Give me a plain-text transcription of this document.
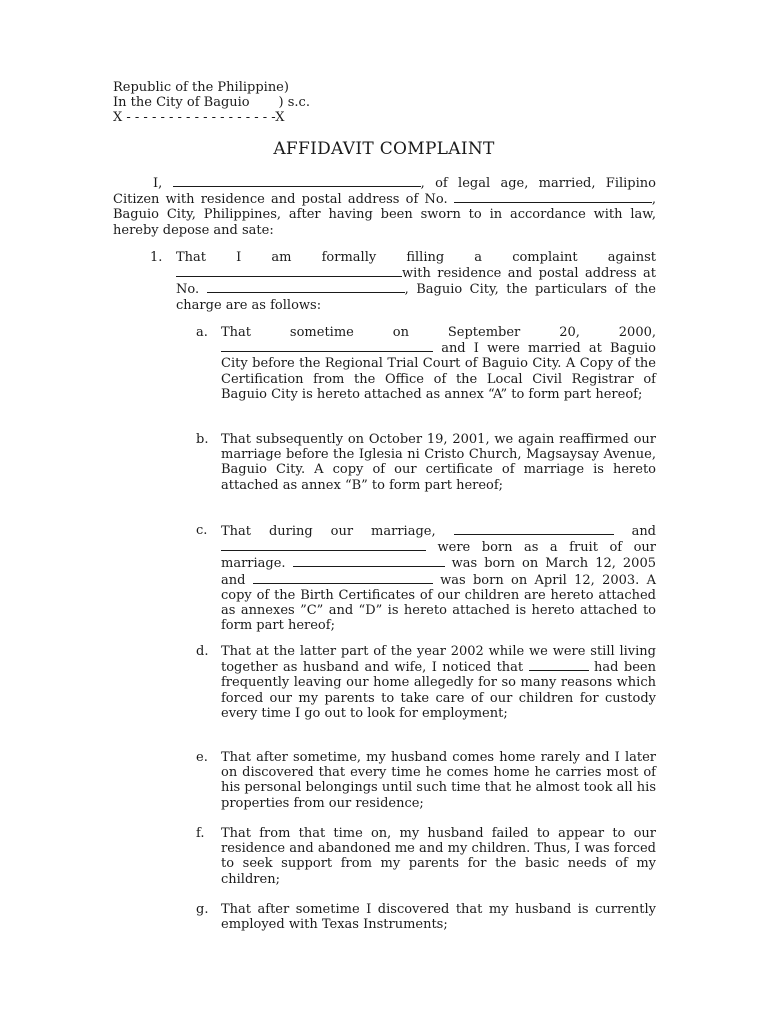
Republic of the Philippine)
In the City of Baguio       ) s.c.
X - - - - - - - - - - - - - - - - - -X
AFFIDAVIT COMPLAINT
I,	, of legal age, married, Filipino Citizen with residence and postal address of No.	, Baguio City, Philippines, after having been sworn to in accordance with law, hereby depose and sate:
1.	That I am formally filling a complaint against with residence and postal address at No.	, Baguio City, the particulars of the charge are as follows:
a.	That sometime on September 20, 2000,  and I were married at Baguio City before the Regional Trial Court of Baguio City. A Copy of the Certification from the Office of the Local Civil Registrar of Baguio City is hereto attached as annex “A” to form part hereof;
b. That subsequently on October 19, 2001, we again reaffirmed our marriage before the Iglesia ni Cristo Church, Magsaysay Avenue, Baguio City. A copy of our certificate of marriage is hereto attached as annex “B” to form part hereof;
c.	That during our marriage,	and  were born as a fruit of our marriage.	was born on March 12, 2005 and	was born on April 12, 2003. A copy of the Birth Certificates of our children are hereto attached as annexes ”C” and “D” is hereto attached is hereto attached to form part hereof;
d. That at the latter part of the year 2002 while we were still living together as husband and wife, I noticed that	had been frequently leaving our home allegedly for so many reasons which forced our my parents to take care of our children for custody every time I go out to look for employment;
e.	That after sometime, my husband comes home rarely and I later on discovered that every time he comes home he carries most of his personal belongings until such time that he almost took all his properties from our residence;
f.	That from that time on, my husband failed to appear to our residence and abandoned me and my children. Thus, I was forced to seek support from my parents for the basic needs of my children;
g. That after sometime I discovered that my husband is currently employed with Texas Instruments;
